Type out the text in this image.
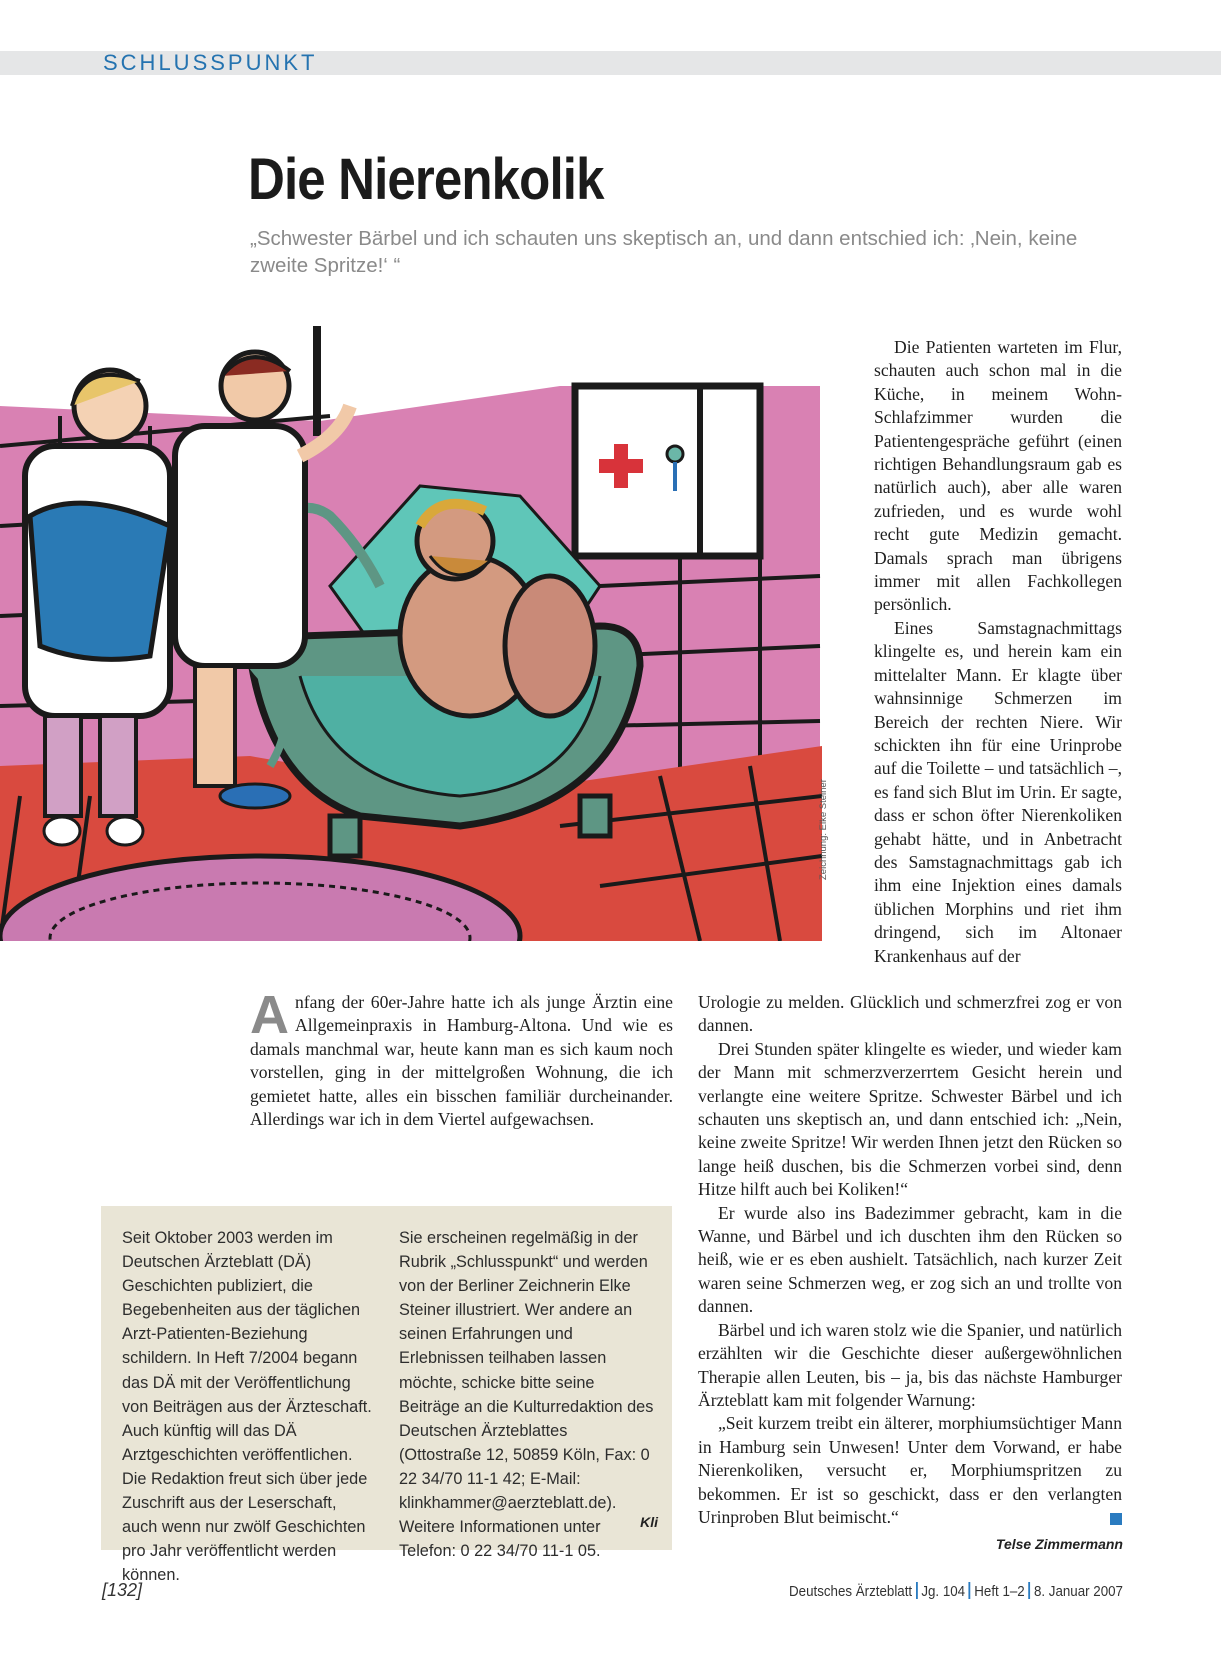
SCHLUSSPUNKT
Die Nierenkolik
„Schwester Bärbel und ich schauten uns skeptisch an, und dann entschied ich: ‚Nein, keine zweite Spritze!‘ “
Zeichnung: Elke Steiner

Die Patienten warteten im Flur, schauten auch schon mal in die Küche, in meinem Wohn-Schlafzimmer wurden die Patientengespräche geführt (einen richtigen Behandlungsraum gab es natürlich auch), aber alle waren zufrieden, und es wurde wohl recht gute Medizin gemacht. Damals sprach man übrigens immer mit allen Fachkollegen persönlich.

Eines Samstagnachmittags klingelte es, und herein kam ein mittelalter Mann. Er klagte über wahnsinnige Schmerzen im Bereich der rechten Niere. Wir schickten ihn für eine Urinprobe auf die Toilette – und tatsächlich –, es fand sich Blut im Urin. Er sagte, dass er schon öfter Nierenkoliken gehabt hätte, und in Anbetracht des Samstagnachmittags gab ich ihm eine Injektion eines damals üblichen Morphins und riet ihm dringend, sich im Altonaer Krankenhaus auf der

Anfang der 60er-Jahre hatte ich als junge Ärztin eine Allgemeinpraxis in Hamburg-Altona. Und wie es damals manchmal war, heute kann man es sich kaum noch vorstellen, ging in der mittelgroßen Wohnung, die ich gemietet hatte, alles ein bisschen familiär durcheinander. Allerdings war ich in dem Viertel aufgewachsen.

Urologie zu melden. Glücklich und schmerzfrei zog er von dannen.

Drei Stunden später klingelte es wieder, und wieder kam der Mann mit schmerzverzerrtem Gesicht herein und verlangte eine weitere Spritze. Schwester Bärbel und ich schauten uns skeptisch an, und dann entschied ich: „Nein, keine zweite Spritze! Wir werden Ihnen jetzt den Rücken so lange heiß duschen, bis die Schmerzen vorbei sind, denn Hitze hilft auch bei Koliken!“

Er wurde also ins Badezimmer gebracht, kam in die Wanne, und Bärbel und ich duschten ihm den Rücken so heiß, wie er es eben aushielt. Tatsächlich, nach kurzer Zeit waren seine Schmerzen weg, er zog sich an und trollte von dannen.

Bärbel und ich waren stolz wie die Spanier, und natürlich erzählten wir die Geschichte dieser außergewöhnlichen Therapie allen Leuten, bis – ja, bis das nächste Hamburger Ärzteblatt kam mit folgender Warnung:

„Seit kurzem treibt ein älterer, morphiumsüchtiger Mann in Hamburg sein Unwesen! Unter dem Vorwand, er habe Nierenkoliken, versucht er, Morphiumspritzen zu bekommen. Er ist so geschickt, dass er den verlangten Urinproben Blut beimischt.“

Telse Zimmermann
Seit Oktober 2003 werden im Deutschen Ärzteblatt (DÄ) Geschichten publiziert, die Begebenheiten aus der täglichen Arzt-Patienten-Beziehung schildern. In Heft 7/2004 begann das DÄ mit der Veröffentlichung von Beiträgen aus der Ärzteschaft. Auch künftig will das DÄ Arztgeschichten veröffentlichen. Die Redaktion freut sich über jede Zuschrift aus der Leserschaft, auch wenn nur zwölf Geschichten pro Jahr veröffentlicht werden können.
Sie erscheinen regelmäßig in der Rubrik „Schlusspunkt“ und werden von der Berliner Zeichnerin Elke Steiner illustriert. Wer andere an seinen Erfahrungen und Erlebnissen teilhaben lassen möchte, schicke bitte seine Beiträge an die Kulturredaktion des Deutschen Ärzteblattes (Ottostraße 12, 50859 Köln, Fax: 0 22 34/70 11-1 42; E-Mail: klinkhammer@aerzteblatt.de). Weitere Informationen unter Telefon: 0 22 34/70 11-1 05.
Kli
[132]	Deutsches Ärzteblatt Jg. 104 Heft 1–2 8. Januar 2007
